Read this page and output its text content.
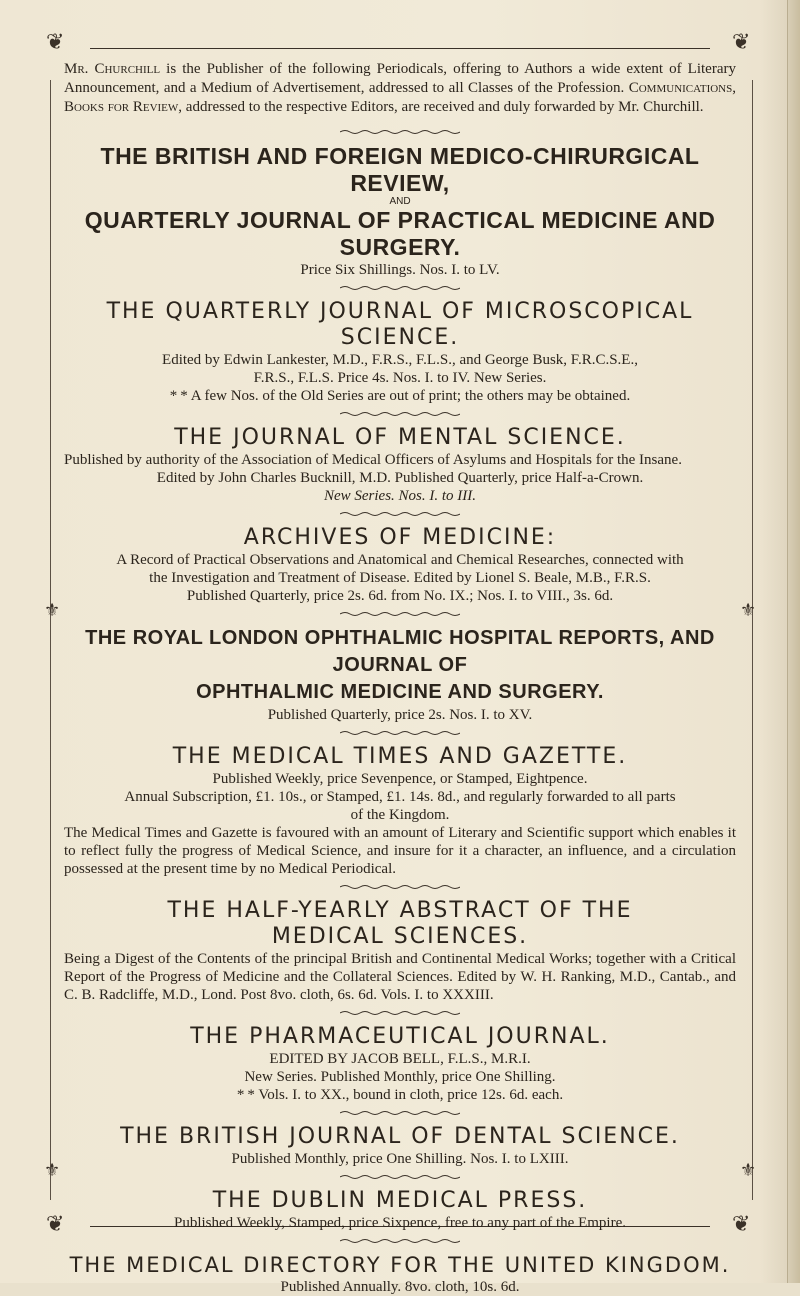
❦	❦
❦	❦
⚜	⚜
⚜	⚜

Mr. Churchill is the Publisher of the following Periodicals, offering to Authors a wide extent of Literary Announcement, and a Medium of Advertisement, addressed to all Classes of the Profession. Communications, Books for Review, addressed to the respective Editors, are received and duly forwarded by Mr. Churchill.

THE BRITISH AND FOREIGN MEDICO-CHIRURGICAL REVIEW,
AND
QUARTERLY JOURNAL OF PRACTICAL MEDICINE AND SURGERY.
Price Six Shillings. Nos. I. to LV.
THE QUARTERLY JOURNAL OF MICROSCOPICAL
SCIENCE.
Edited by Edwin Lankester, M.D., F.R.S., F.L.S., and George Busk, F.R.C.S.E.,
F.R.S., F.L.S. Price 4s. Nos. I. to IV. New Series.
* * A few Nos. of the Old Series are out of print; the others may be obtained.
THE JOURNAL OF MENTAL SCIENCE.
Published by authority of the Association of Medical Officers of Asylums and Hospitals for the Insane.
Edited by John Charles Bucknill, M.D. Published Quarterly, price Half-a-Crown.
New Series. Nos. I. to III.
ARCHIVES OF MEDICINE:
A Record of Practical Observations and Anatomical and Chemical Researches, connected with
the Investigation and Treatment of Disease. Edited by Lionel S. Beale, M.B., F.R.S.
Published Quarterly, price 2s. 6d. from No. IX.; Nos. I. to VIII., 3s. 6d.
THE ROYAL LONDON OPHTHALMIC HOSPITAL REPORTS, AND JOURNAL OF
OPHTHALMIC MEDICINE AND SURGERY.
Published Quarterly, price 2s. Nos. I. to XV.
THE MEDICAL TIMES AND GAZETTE.
Published Weekly, price Sevenpence, or Stamped, Eightpence.
Annual Subscription, £1. 10s., or Stamped, £1. 14s. 8d., and regularly forwarded to all parts
of the Kingdom.
The Medical Times and Gazette is favoured with an amount of Literary and Scientific support which enables it to reflect fully the progress of Medical Science, and insure for it a character, an influence, and a circulation possessed at the present time by no Medical Periodical.
THE HALF-YEARLY ABSTRACT OF THE
MEDICAL SCIENCES.
Being a Digest of the Contents of the principal British and Continental Medical Works; together with a Critical Report of the Progress of Medicine and the Collateral Sciences. Edited by W. H. Ranking, M.D., Cantab., and C. B. Radcliffe, M.D., Lond. Post 8vo. cloth, 6s. 6d. Vols. I. to XXXIII.
THE PHARMACEUTICAL JOURNAL.
EDITED BY JACOB BELL, F.L.S., M.R.I.
New Series. Published Monthly, price One Shilling.
* * Vols. I. to XX., bound in cloth, price 12s. 6d. each.
THE BRITISH JOURNAL OF DENTAL SCIENCE.
Published Monthly, price One Shilling. Nos. I. to LXIII.
THE DUBLIN MEDICAL PRESS.
Published Weekly, Stamped, price Sixpence, free to any part of the Empire.
THE MEDICAL DIRECTORY FOR THE UNITED KINGDOM.
Published Annually. 8vo. cloth, 10s. 6d.
